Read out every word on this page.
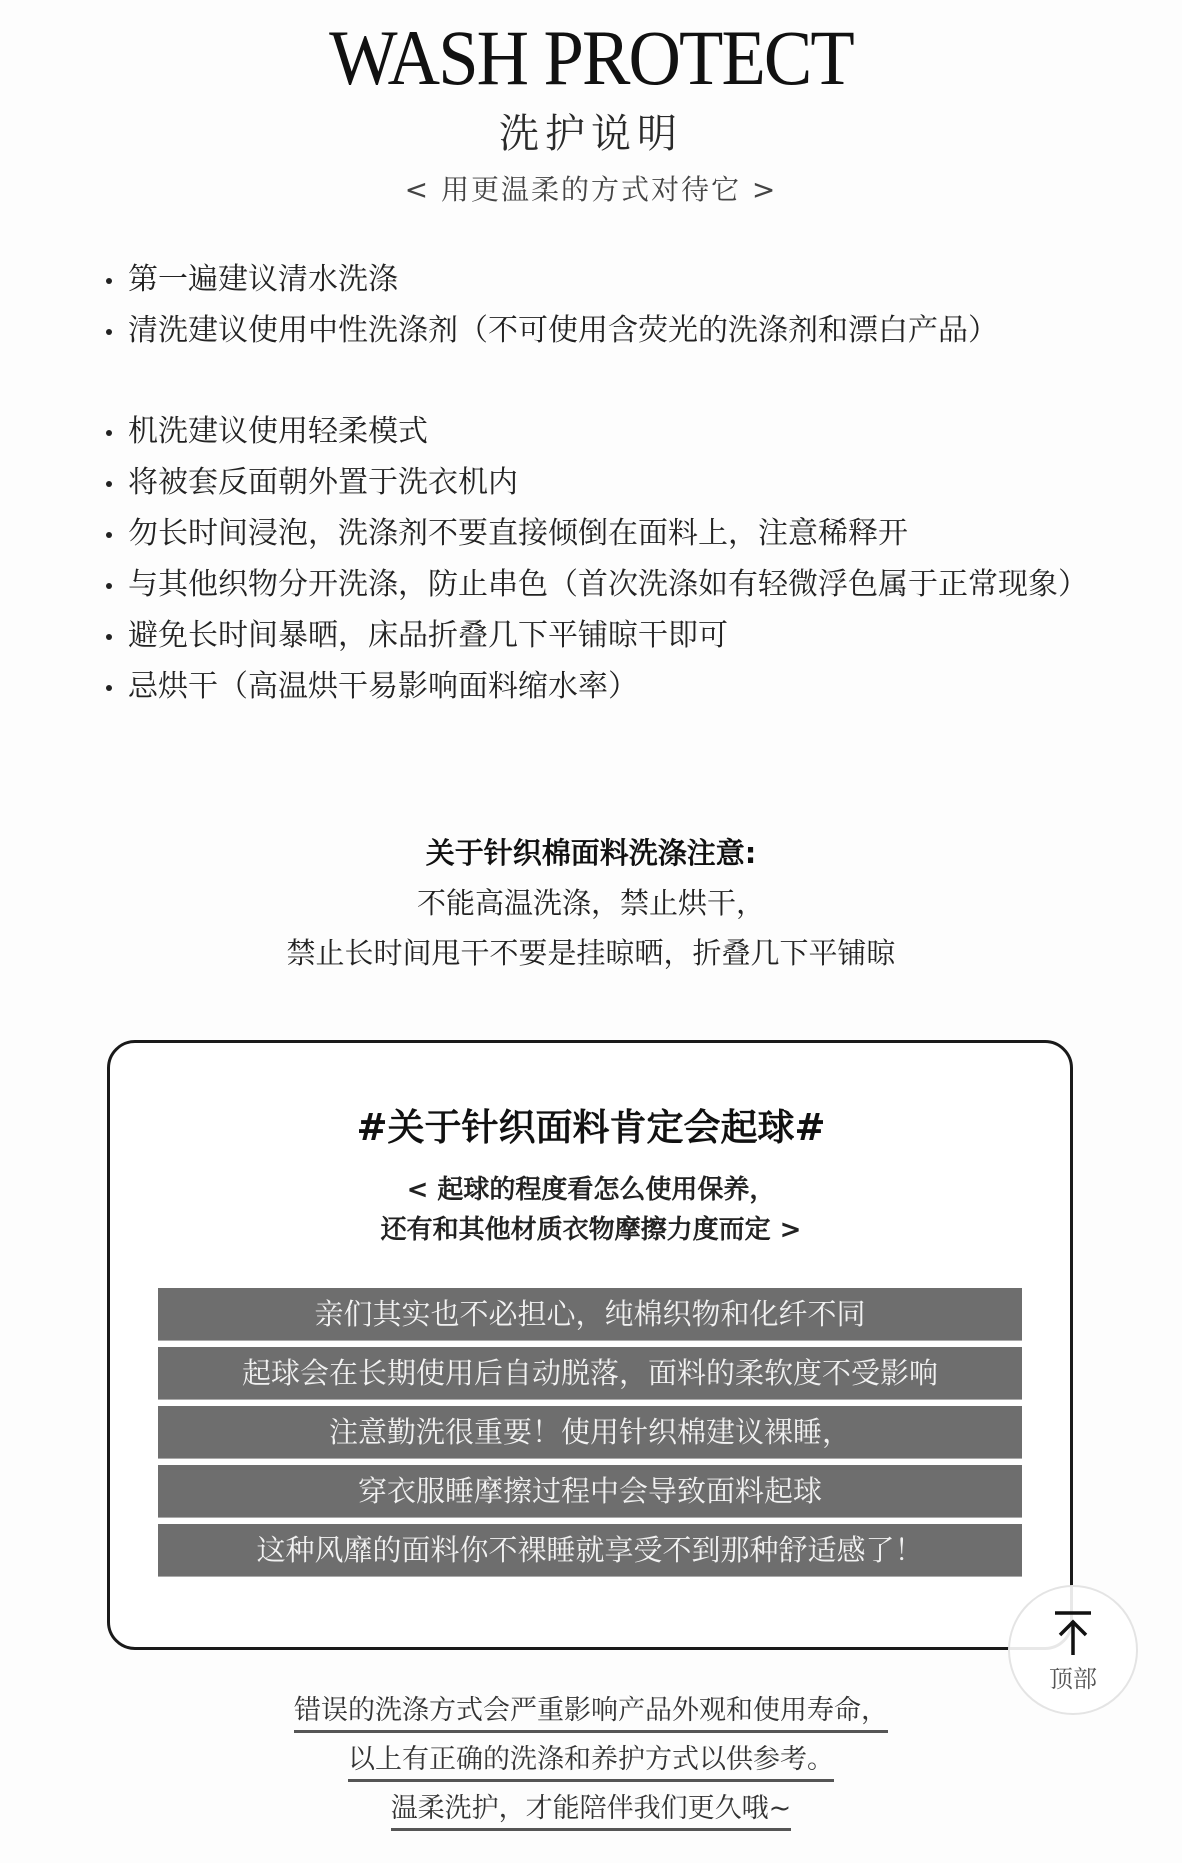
WASH PROTECT
洗护说明
< 用更温柔的方式对待它 >
第一遍建议清水洗涤
清洗建议使用中性洗涤剂（不可使用含荧光的洗涤剂和漂白产品）
机洗建议使用轻柔模式
将被套反面朝外置于洗衣机内
勿长时间浸泡，洗涤剂不要直接倾倒在面料上，注意稀释开
与其他织物分开洗涤，防止串色（首次洗涤如有轻微浮色属于正常现象）
避免长时间暴晒，床品折叠几下平铺晾干即可
忌烘干（高温烘干易影响面料缩水率）
关于针织棉面料洗涤注意:
不能高温洗涤，禁止烘干，
禁止长时间甩干不要是挂晾晒，折叠几下平铺晾
#关于针织面料肯定会起球#
< 起球的程度看怎么使用保养，
还有和其他材质衣物摩擦力度而定 >
亲们其实也不必担心，纯棉织物和化纤不同
起球会在长期使用后自动脱落，面料的柔软度不受影响
注意勤洗很重要！使用针织棉建议裸睡，
穿衣服睡摩擦过程中会导致面料起球
这种风靡的面料你不裸睡就享受不到那种舒适感了！
顶部
错误的洗涤方式会严重影响产品外观和使用寿命，
以上有正确的洗涤和养护方式以供参考。
温柔洗护，才能陪伴我们更久哦~
